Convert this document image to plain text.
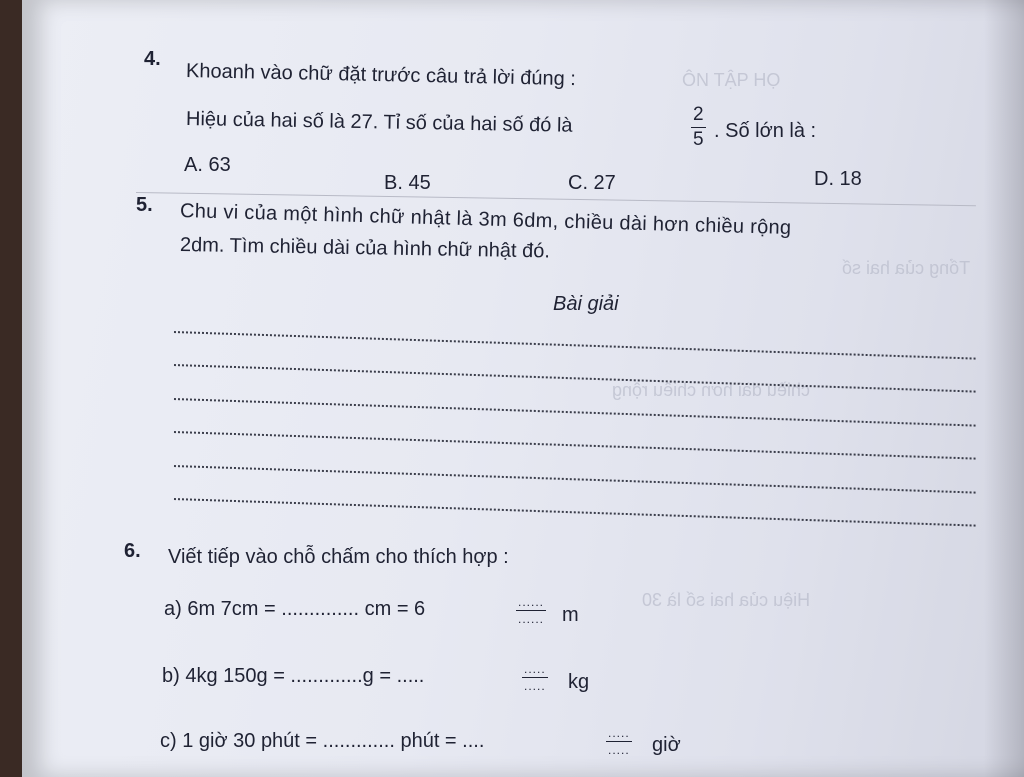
ÔN TẬP HỌ
Tổng của hai số
chiều dài hơn chiều rộng
Hiệu của hai số là 30
4.
Khoanh vào chữ đặt trước câu trả lời đúng :
Hiệu của hai số là 27. Tỉ số của hai số đó là	2
5 . Số lớn là :
A. 63
B. 45	C. 27	D. 18
5. Chu vi của một hình chữ nhật là 3m 6dm, chiều dài hơn chiều rộng
2dm. Tìm chiều dài của hình chữ nhật đó.
Bài giải
6. Viết tiếp vào chỗ chấm cho thích hợp :
a) 6m 7cm = .............. cm = 6	......
...... m
b) 4kg 150g = .............g = .....	.....
..... kg
c) 1 giờ 30 phút = ............. phút = ....	.....
..... giờ
